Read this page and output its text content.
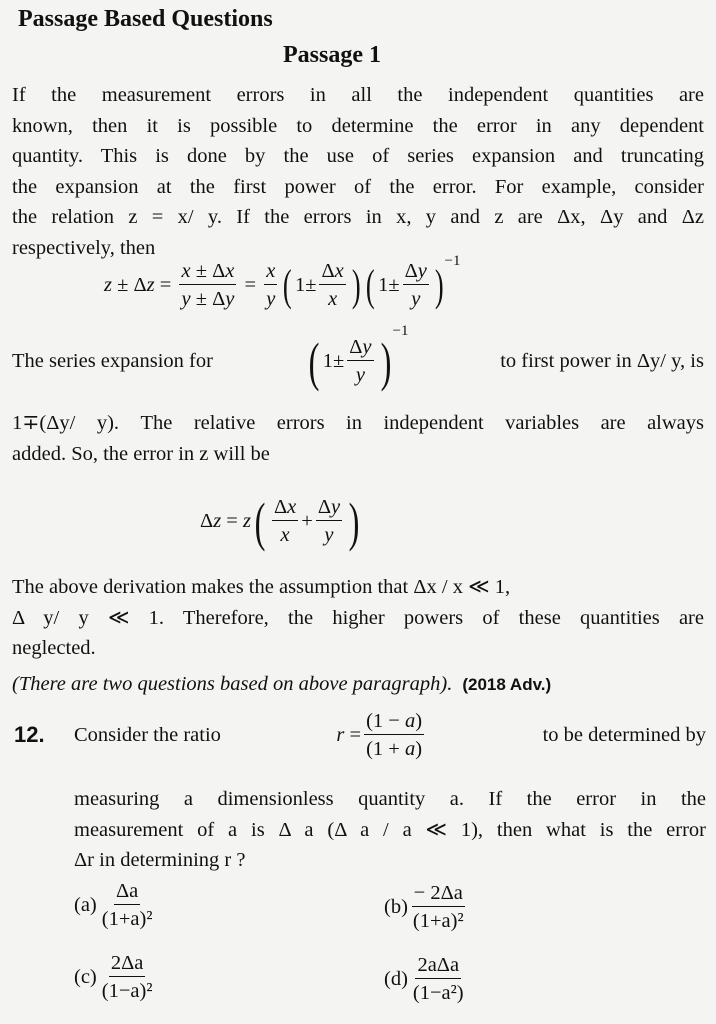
Passage Based Questions
Passage 1
If the measurement errors in all the independent quantities are
known, then it is possible to determine the error in any dependent
quantity. This is done by the use of series expansion and truncating
the expansion at the first power of the error. For example, consider
the relation z = x/ y. If the errors in x, y and z are Δx, Δy and Δz
respectively, then
z ± Δ $z = \frac{x \pm \Delta x}{y \pm \Delta y} = \frac{x}{y}$ ( $1\pm \frac{\Delta x}{x}$ ) ( $1\pm \frac{\Delta y}{y}$ ) −1
The series expansion for ( $1\pm \frac{\Delta y}{y}$ )
−1
to first power in Δy/ y, is
1∓(Δy/ y). The relative errors in independent variables are always
added. So, the error in z will be
Δ z = z ( $\frac{\Delta x}{x} + \frac{\Delta y}{y}$ )
The above derivation makes the assumption that Δx / x ≪ 1,
Δ y/ y ≪ 1. Therefore, the higher powers of these quantities are
neglected.
(There are two questions based on above paragraph). (2018 Adv.)
12. Consider the ratio	$r = \frac{(1 - a)}{(1 + a)}$	to be determined by
measuring a dimensionless quantity a. If the error in the
measurement of a is Δ a (Δ a / a ≪ 1), then what is the error
Δr in determining r ?
$(a) \frac{\Delta a}{\text{(1+a)²}}$	$(b) \frac{- 2\Delta a}{\text{(1+a)²}}$
$(c) \frac{2\Delta a}{\text{(1−a)²}}$	$(d) \frac{\text{2aΔa}}{\text{(1−a²)}}$
